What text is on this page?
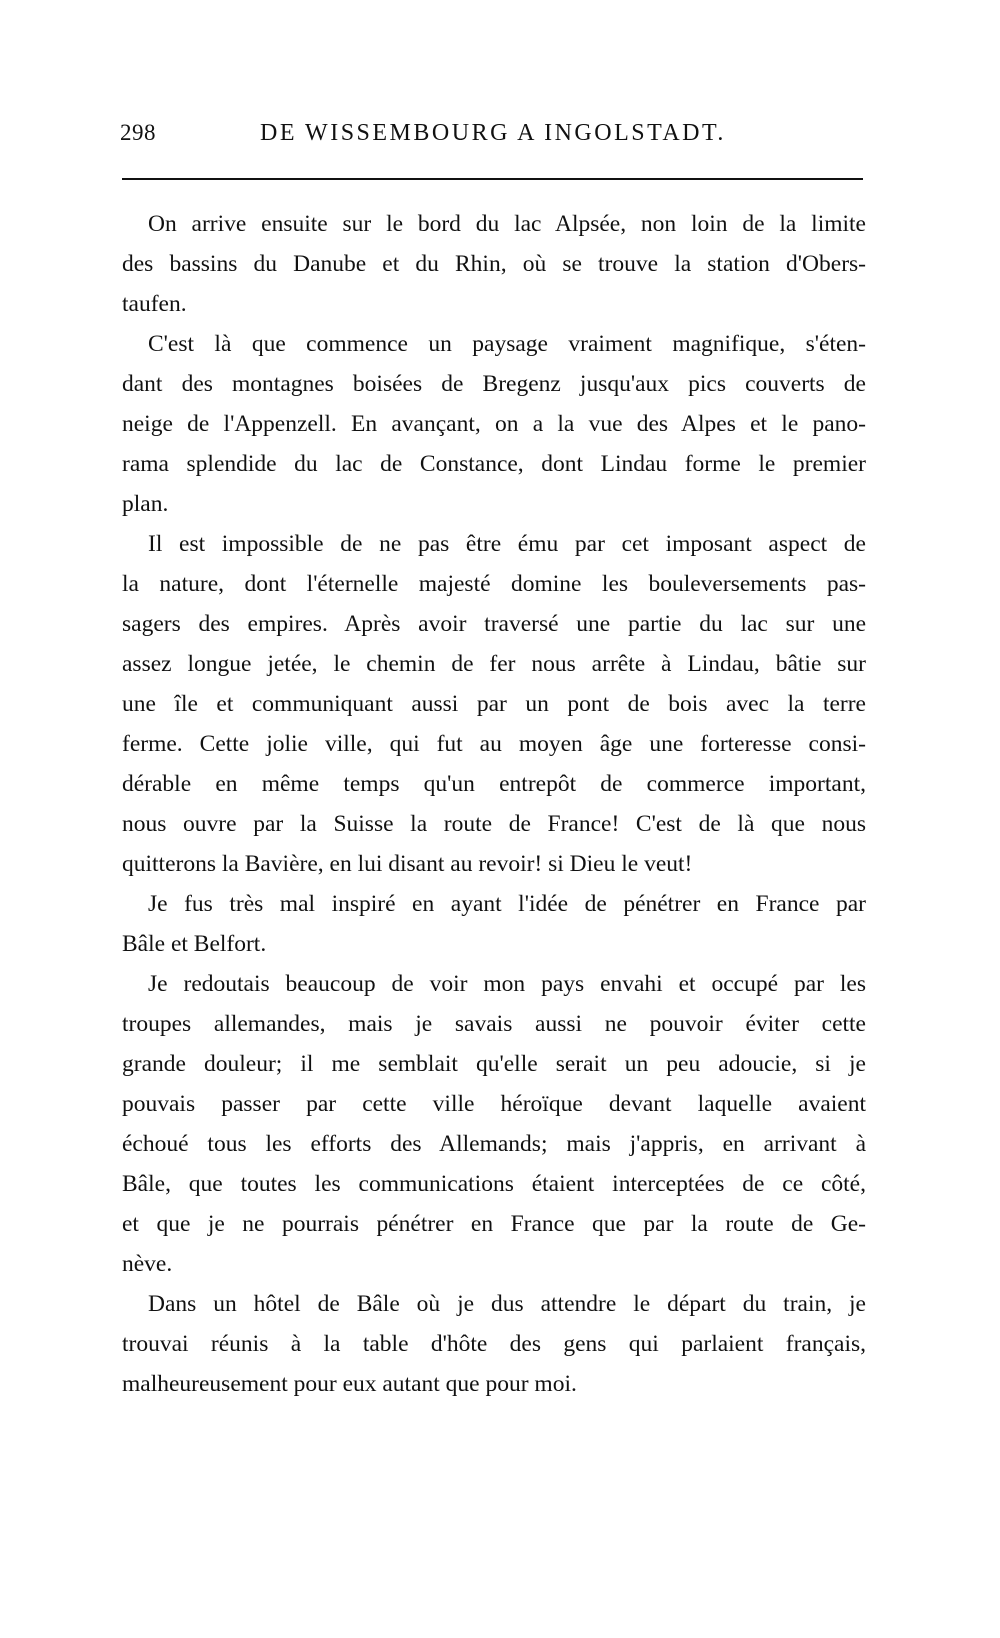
298	DE WISSEMBOURG A INGOLSTADT.
On arrive ensuite sur le bord du lac Alpsée, non loin de la limite
des bassins du Danube et du Rhin, où se trouve la station d'Obers-
taufen.
C'est là que commence un paysage vraiment magnifique, s'éten-
dant des montagnes boisées de Bregenz jusqu'aux pics couverts de
neige de l'Appenzell. En avançant, on a la vue des Alpes et le pano-
rama splendide du lac de Constance, dont Lindau forme le premier
plan.
Il est impossible de ne pas être ému par cet imposant aspect de
la nature, dont l'éternelle majesté domine les bouleversements pas-
sagers des empires. Après avoir traversé une partie du lac sur une
assez longue jetée, le chemin de fer nous arrête à Lindau, bâtie sur
une île et communiquant aussi par un pont de bois avec la terre
ferme. Cette jolie ville, qui fut au moyen âge une forteresse consi-
dérable en même temps qu'un entrepôt de commerce important,
nous ouvre par la Suisse la route de France! C'est de là que nous
quitterons la Bavière, en lui disant au revoir! si Dieu le veut!
Je fus très mal inspiré en ayant l'idée de pénétrer en France par
Bâle et Belfort.
Je redoutais beaucoup de voir mon pays envahi et occupé par les
troupes allemandes, mais je savais aussi ne pouvoir éviter cette
grande douleur; il me semblait qu'elle serait un peu adoucie, si je
pouvais passer par cette ville héroïque devant laquelle avaient
échoué tous les efforts des Allemands; mais j'appris, en arrivant à
Bâle, que toutes les communications étaient interceptées de ce côté,
et que je ne pourrais pénétrer en France que par la route de Ge-
nève.
Dans un hôtel de Bâle où je dus attendre le départ du train, je
trouvai réunis à la table d'hôte des gens qui parlaient français,
malheureusement pour eux autant que pour moi.
